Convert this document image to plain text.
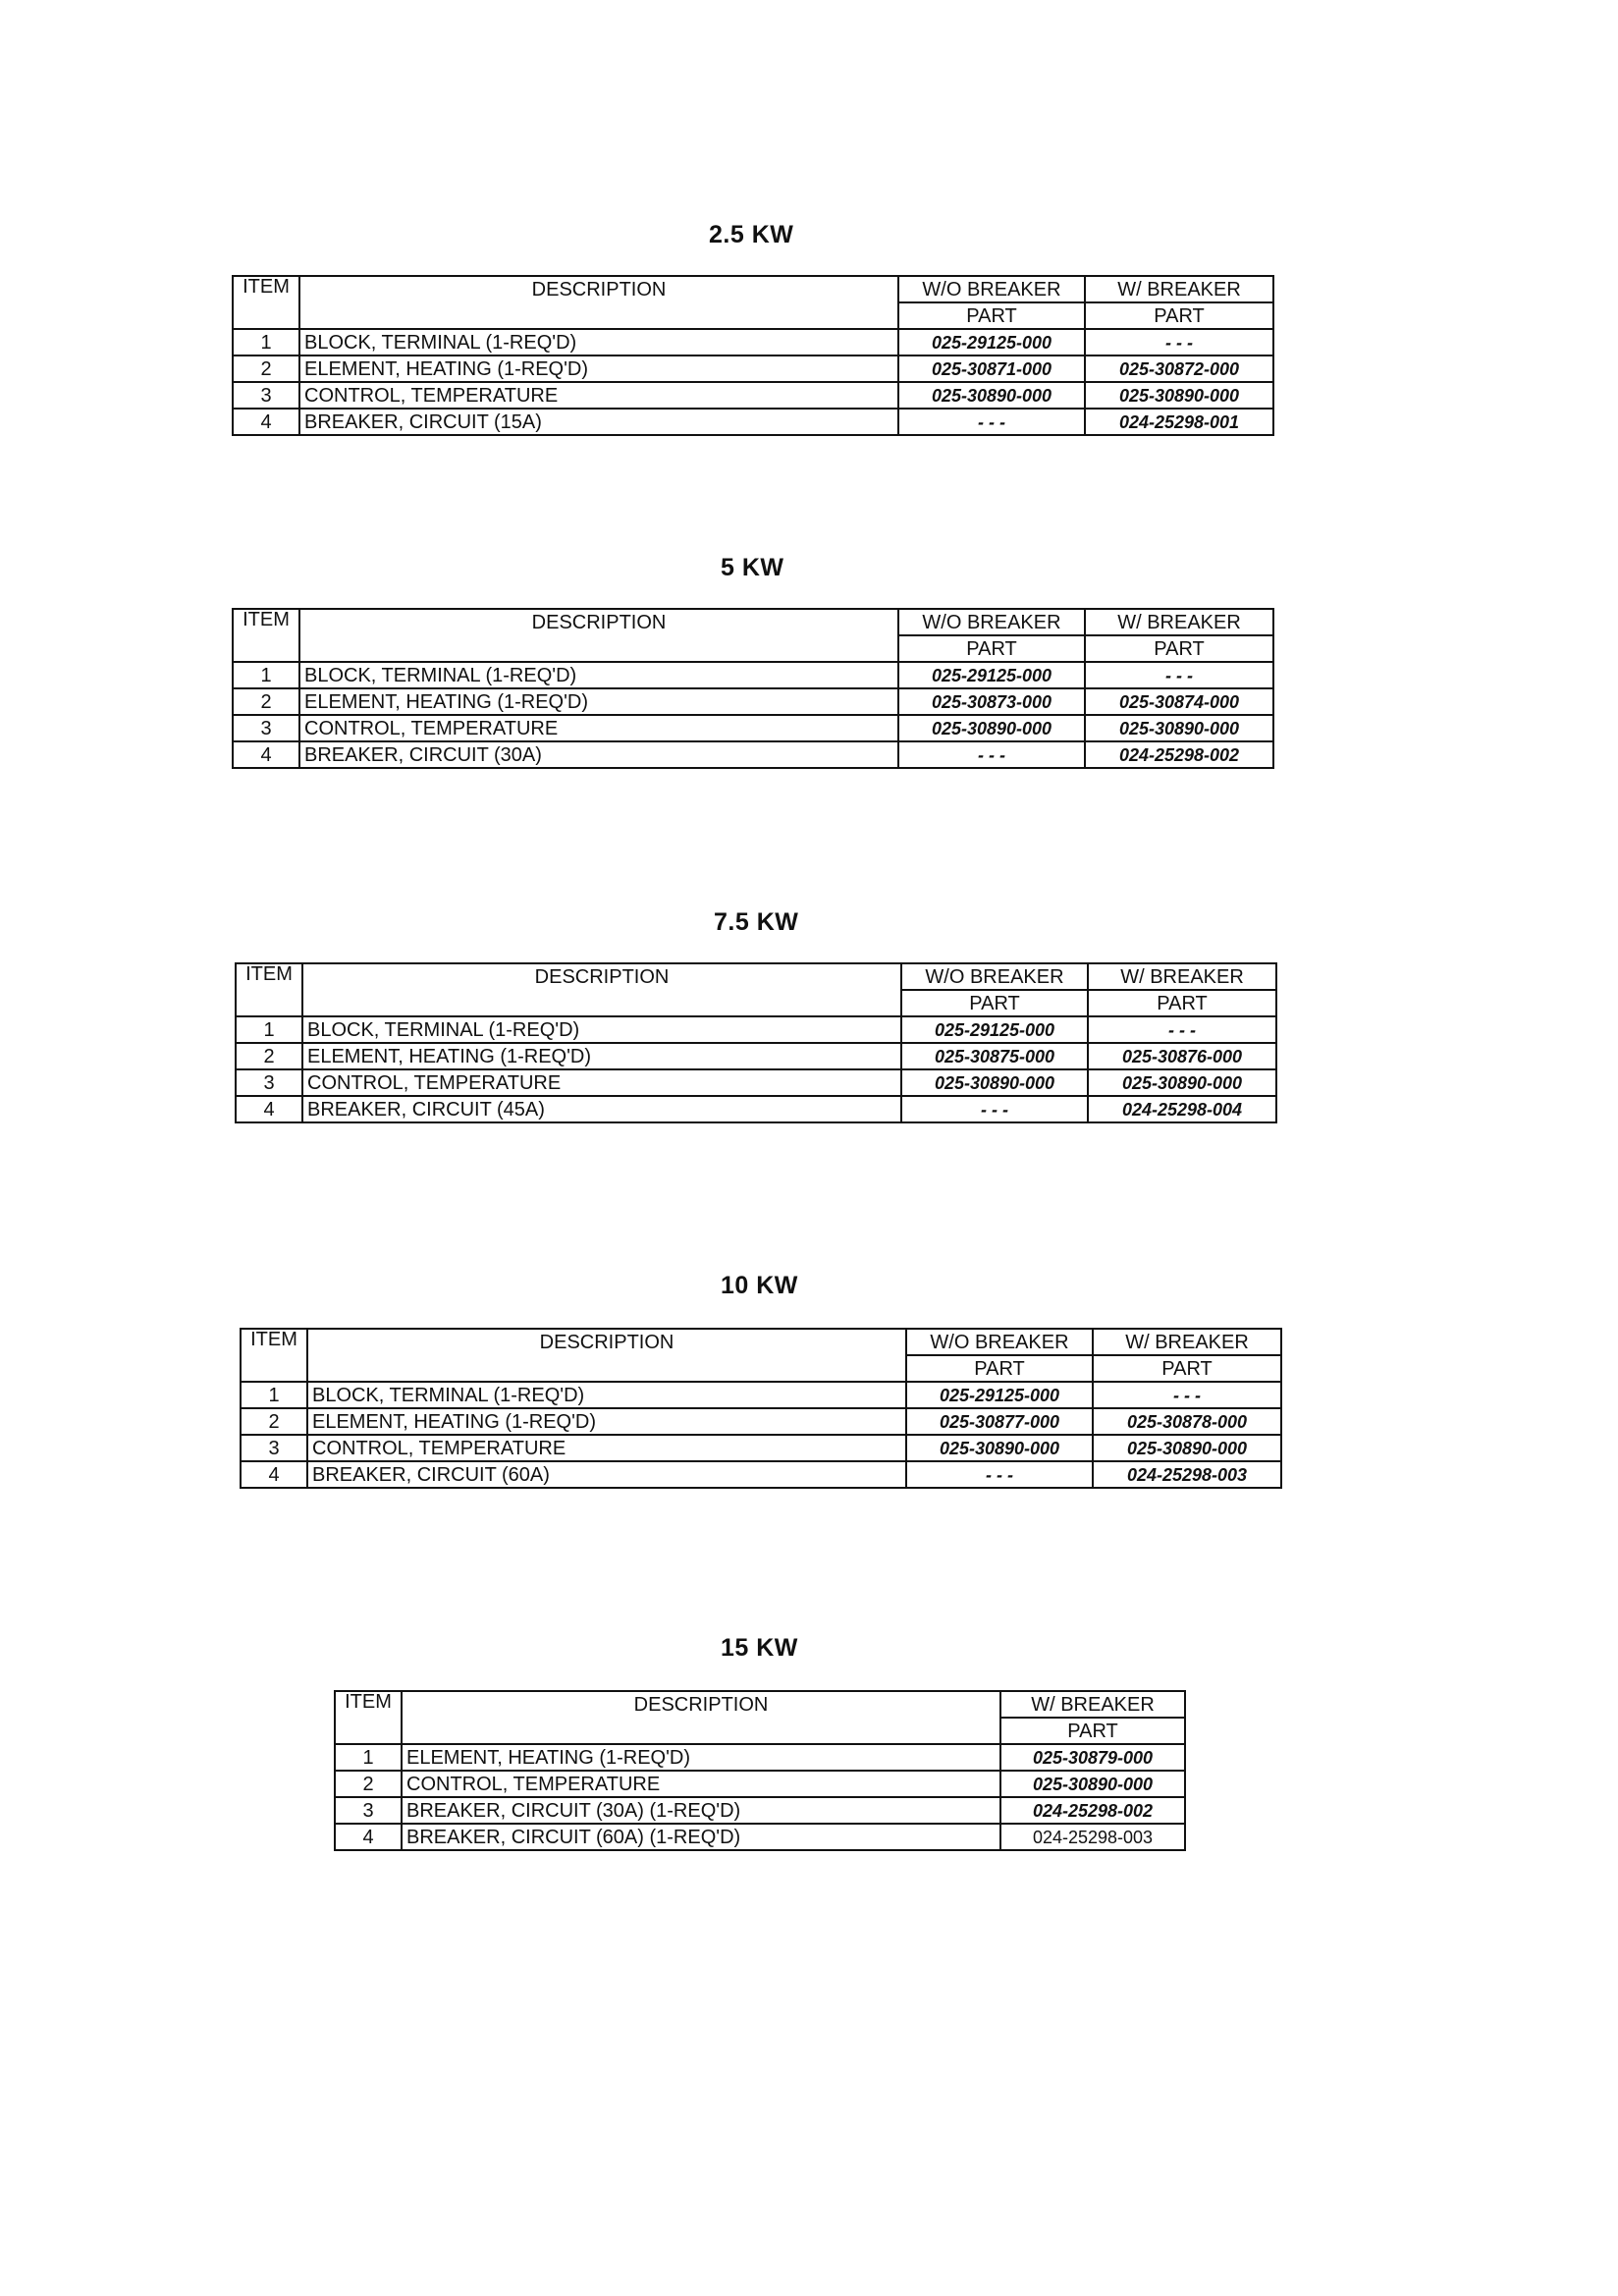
2.5 KW
ITEM	DESCRIPTION	W/O BREAKER	W/ BREAKER
		PART	PART
1	BLOCK, TERMINAL (1-REQ'D)	025-29125-000	- - -
2	ELEMENT, HEATING (1-REQ'D)	025-30871-000	025-30872-000
3	CONTROL, TEMPERATURE	025-30890-000	025-30890-000
4	BREAKER, CIRCUIT (15A)	- - -	024-25298-001
5 KW
ITEM	DESCRIPTION	W/O BREAKER	W/ BREAKER
		PART	PART
1	BLOCK, TERMINAL (1-REQ'D)	025-29125-000	- - -
2	ELEMENT, HEATING (1-REQ'D)	025-30873-000	025-30874-000
3	CONTROL, TEMPERATURE	025-30890-000	025-30890-000
4	BREAKER, CIRCUIT (30A)	- - -	024-25298-002
7.5 KW
ITEM	DESCRIPTION	W/O BREAKER	W/ BREAKER
		PART	PART
1	BLOCK, TERMINAL (1-REQ'D)	025-29125-000	- - -
2	ELEMENT, HEATING (1-REQ'D)	025-30875-000	025-30876-000
3	CONTROL, TEMPERATURE	025-30890-000	025-30890-000
4	BREAKER, CIRCUIT (45A)	- - -	024-25298-004
10 KW
ITEM	DESCRIPTION	W/O BREAKER	W/ BREAKER
		PART	PART
1	BLOCK, TERMINAL (1-REQ'D)	025-29125-000	- - -
2	ELEMENT, HEATING (1-REQ'D)	025-30877-000	025-30878-000
3	CONTROL, TEMPERATURE	025-30890-000	025-30890-000
4	BREAKER, CIRCUIT (60A)	- - -	024-25298-003
15 KW
ITEM	DESCRIPTION	W/ BREAKER
		PART
1	ELEMENT, HEATING (1-REQ'D)	025-30879-000
2	CONTROL, TEMPERATURE	025-30890-000
3	BREAKER, CIRCUIT (30A) (1-REQ'D)	024-25298-002
4	BREAKER, CIRCUIT (60A) (1-REQ'D)	024-25298-003
